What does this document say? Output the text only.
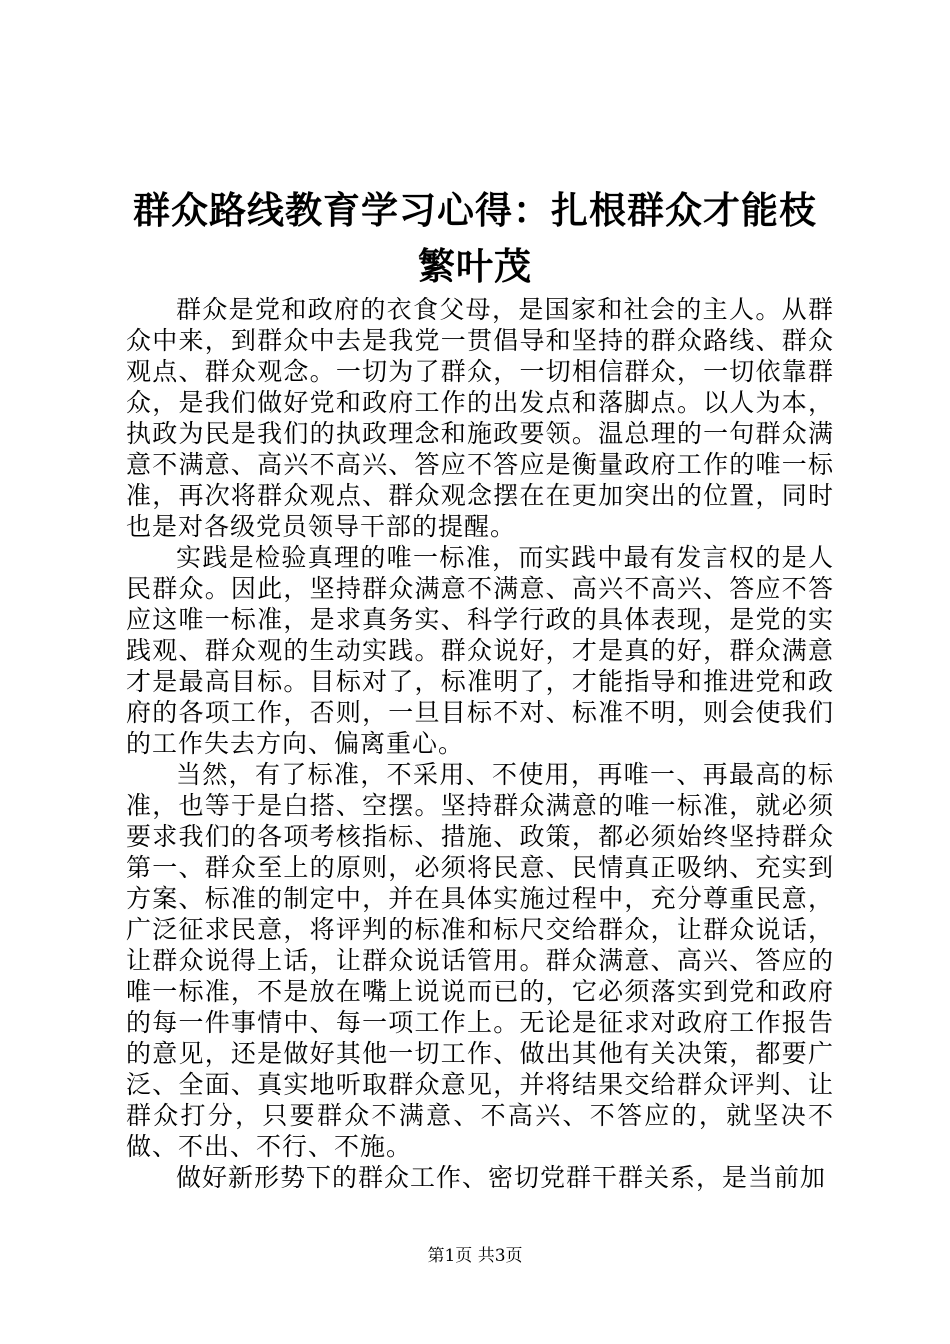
群众路线教育学习心得：扎根群众才能枝繁叶茂

群众是党和政府的衣食父母，是国家和社会的主人。从群众中来，到群众中去是我党一贯倡导和坚持的群众路线、群众观点、群众观念。一切为了群众，一切相信群众，一切依靠群众，是我们做好党和政府工作的出发点和落脚点。以人为本，执政为民是我们的执政理念和施政要领。温总理的一句群众满意不满意、高兴不高兴、答应不答应是衡量政府工作的唯一标准，再次将群众观点、群众观念摆在在更加突出的位置，同时也是对各级党员领导干部的提醒。

实践是检验真理的唯一标准，而实践中最有发言权的是人民群众。因此，坚持群众满意不满意、高兴不高兴、答应不答应这唯一标准，是求真务实、科学行政的具体表现，是党的实践观、群众观的生动实践。群众说好，才是真的好，群众满意才是最高目标。目标对了，标准明了，才能指导和推进党和政府的各项工作，否则，一旦目标不对、标准不明，则会使我们的工作失去方向、偏离重心。

当然，有了标准，不采用、不使用，再唯一、再最高的标准，也等于是白搭、空摆。坚持群众满意的唯一标准，就必须要求我们的各项考核指标、措施、政策，都必须始终坚持群众第一、群众至上的原则，必须将民意、民情真正吸纳、充实到方案、标准的制定中，并在具体实施过程中，充分尊重民意，广泛征求民意，将评判的标准和标尺交给群众，让群众说话，让群众说得上话，让群众说话管用。群众满意、高兴、答应的唯一标准，不是放在嘴上说说而已的，它必须落实到党和政府的每一件事情中、每一项工作上。无论是征求对政府工作报告的意见，还是做好其他一切工作、做出其他有关决策，都要广泛、全面、真实地听取群众意见，并将结果交给群众评判、让群众打分，只要群众不满意、不高兴、不答应的，就坚决不做、不出、不行、不施。

做好新形势下的群众工作、密切党群干群关系，是当前加

第1页 共3页
